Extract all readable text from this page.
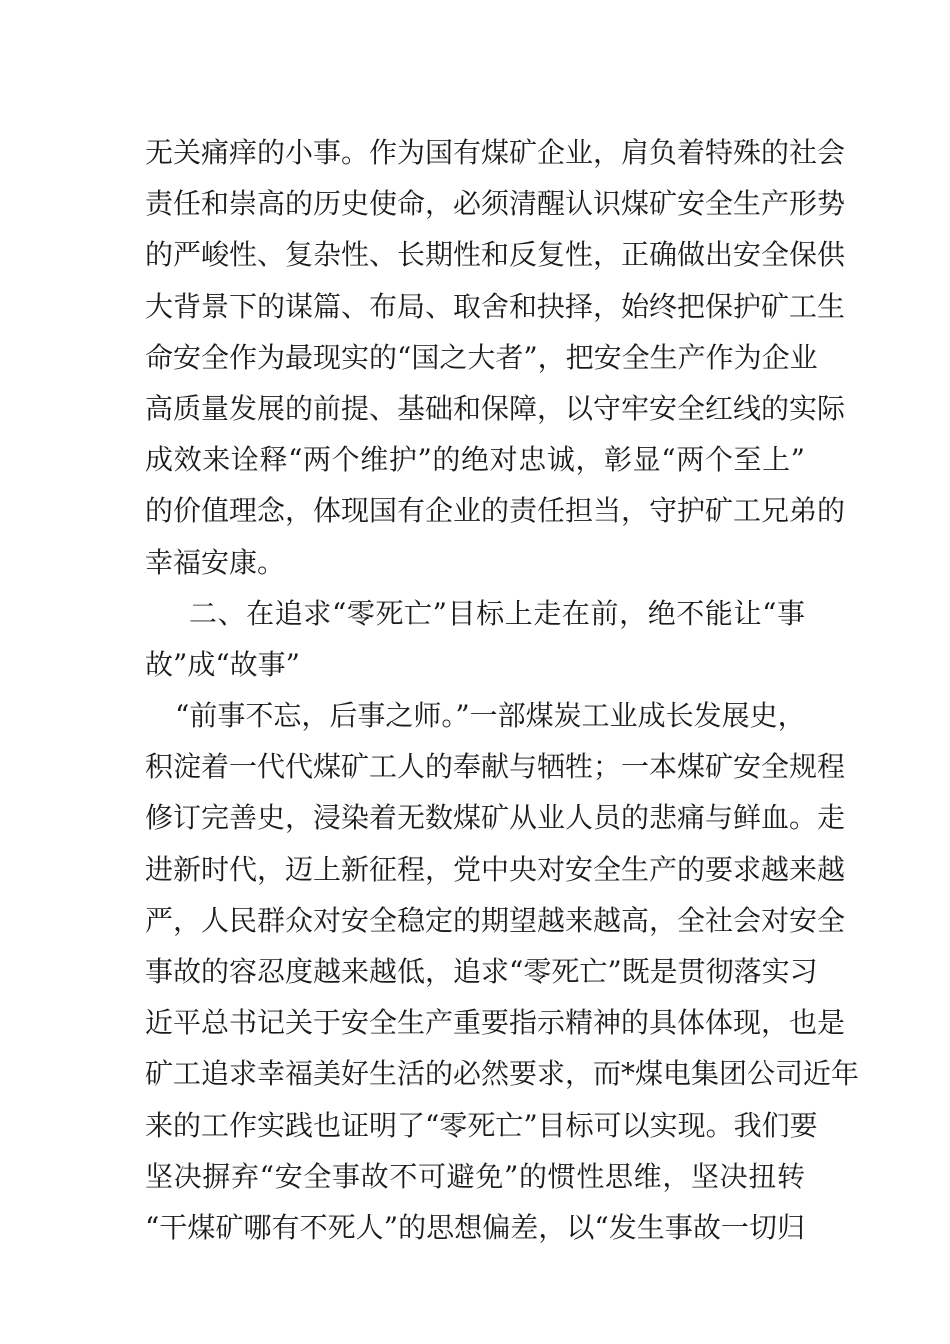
无关痛痒的小事。作为国有煤矿企业，肩负着特殊的社会
责任和崇高的历史使命，必须清醒认识煤矿安全生产形势
的严峻性、复杂性、长期性和反复性，正确做出安全保供
大背景下的谋篇、布局、取舍和抉择，始终把保护矿工生
命安全作为最现实的“国之大者”，把安全生产作为企业
高质量发展的前提、基础和保障，以守牢安全红线的实际
成效来诠释“两个维护”的绝对忠诚，彰显“两个至上”
的价值理念，体现国有企业的责任担当，守护矿工兄弟的
幸福安康。
二、在追求“零死亡”目标上走在前，绝不能让“事
故”成“故事”
“前事不忘，后事之师。”一部煤炭工业成长发展史，
积淀着一代代煤矿工人的奉献与牺牲；一本煤矿安全规程
修订完善史，浸染着无数煤矿从业人员的悲痛与鲜血。走
进新时代，迈上新征程，党中央对安全生产的要求越来越
严，人民群众对安全稳定的期望越来越高，全社会对安全
事故的容忍度越来越低，追求“零死亡”既是贯彻落实习
近平总书记关于安全生产重要指示精神的具体体现，也是
矿工追求幸福美好生活的必然要求，而*煤电集团公司近年
来的工作实践也证明了“零死亡”目标可以实现。我们要
坚决摒弃“安全事故不可避免”的惯性思维，坚决扭转
“干煤矿哪有不死人”的思想偏差，以“发生事故一切归
